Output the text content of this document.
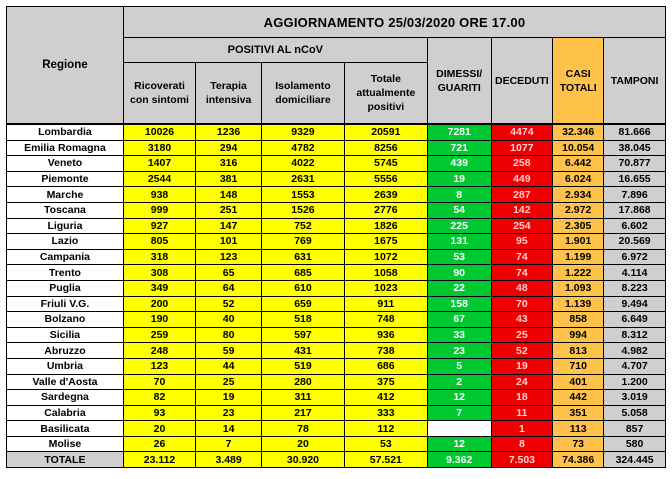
Regione	AGGIORNAMENTO 25/03/2020 ORE 17.00							
	POSITIVI AL nCoV				DIMESSI/ GUARITI	DECEDUTI	CASI TOTALI	TAMPONI
	Ricoverati con sintomi	Terapia intensiva	Isolamento domiciliare	Totale attualmente positivi				
Lombardia	10026	1236	9329	20591	7281	4474	32.346	81.666
Emilia Romagna	3180	294	4782	8256	721	1077	10.054	38.045
Veneto	1407	316	4022	5745	439	258	6.442	70.877
Piemonte	2544	381	2631	5556	19	449	6.024	16.655
Marche	938	148	1553	2639	8	287	2.934	7.896
Toscana	999	251	1526	2776	54	142	2.972	17.868
Liguria	927	147	752	1826	225	254	2.305	6.602
Lazio	805	101	769	1675	131	95	1.901	20.569
Campania	318	123	631	1072	53	74	1.199	6.972
Trento	308	65	685	1058	90	74	1.222	4.114
Puglia	349	64	610	1023	22	48	1.093	8.223
Friuli V.G.	200	52	659	911	158	70	1.139	9.494
Bolzano	190	40	518	748	67	43	858	6.649
Sicilia	259	80	597	936	33	25	994	8.312
Abruzzo	248	59	431	738	23	52	813	4.982
Umbria	123	44	519	686	5	19	710	4.707
Valle d'Aosta	70	25	280	375	2	24	401	1.200
Sardegna	82	19	311	412	12	18	442	3.019
Calabria	93	23	217	333	7	11	351	5.058
Basilicata	20	14	78	112		1	113	857
Molise	26	7	20	53	12	8	73	580
TOTALE	23.112	3.489	30.920	57.521	9.362	7.503	74.386	324.445
